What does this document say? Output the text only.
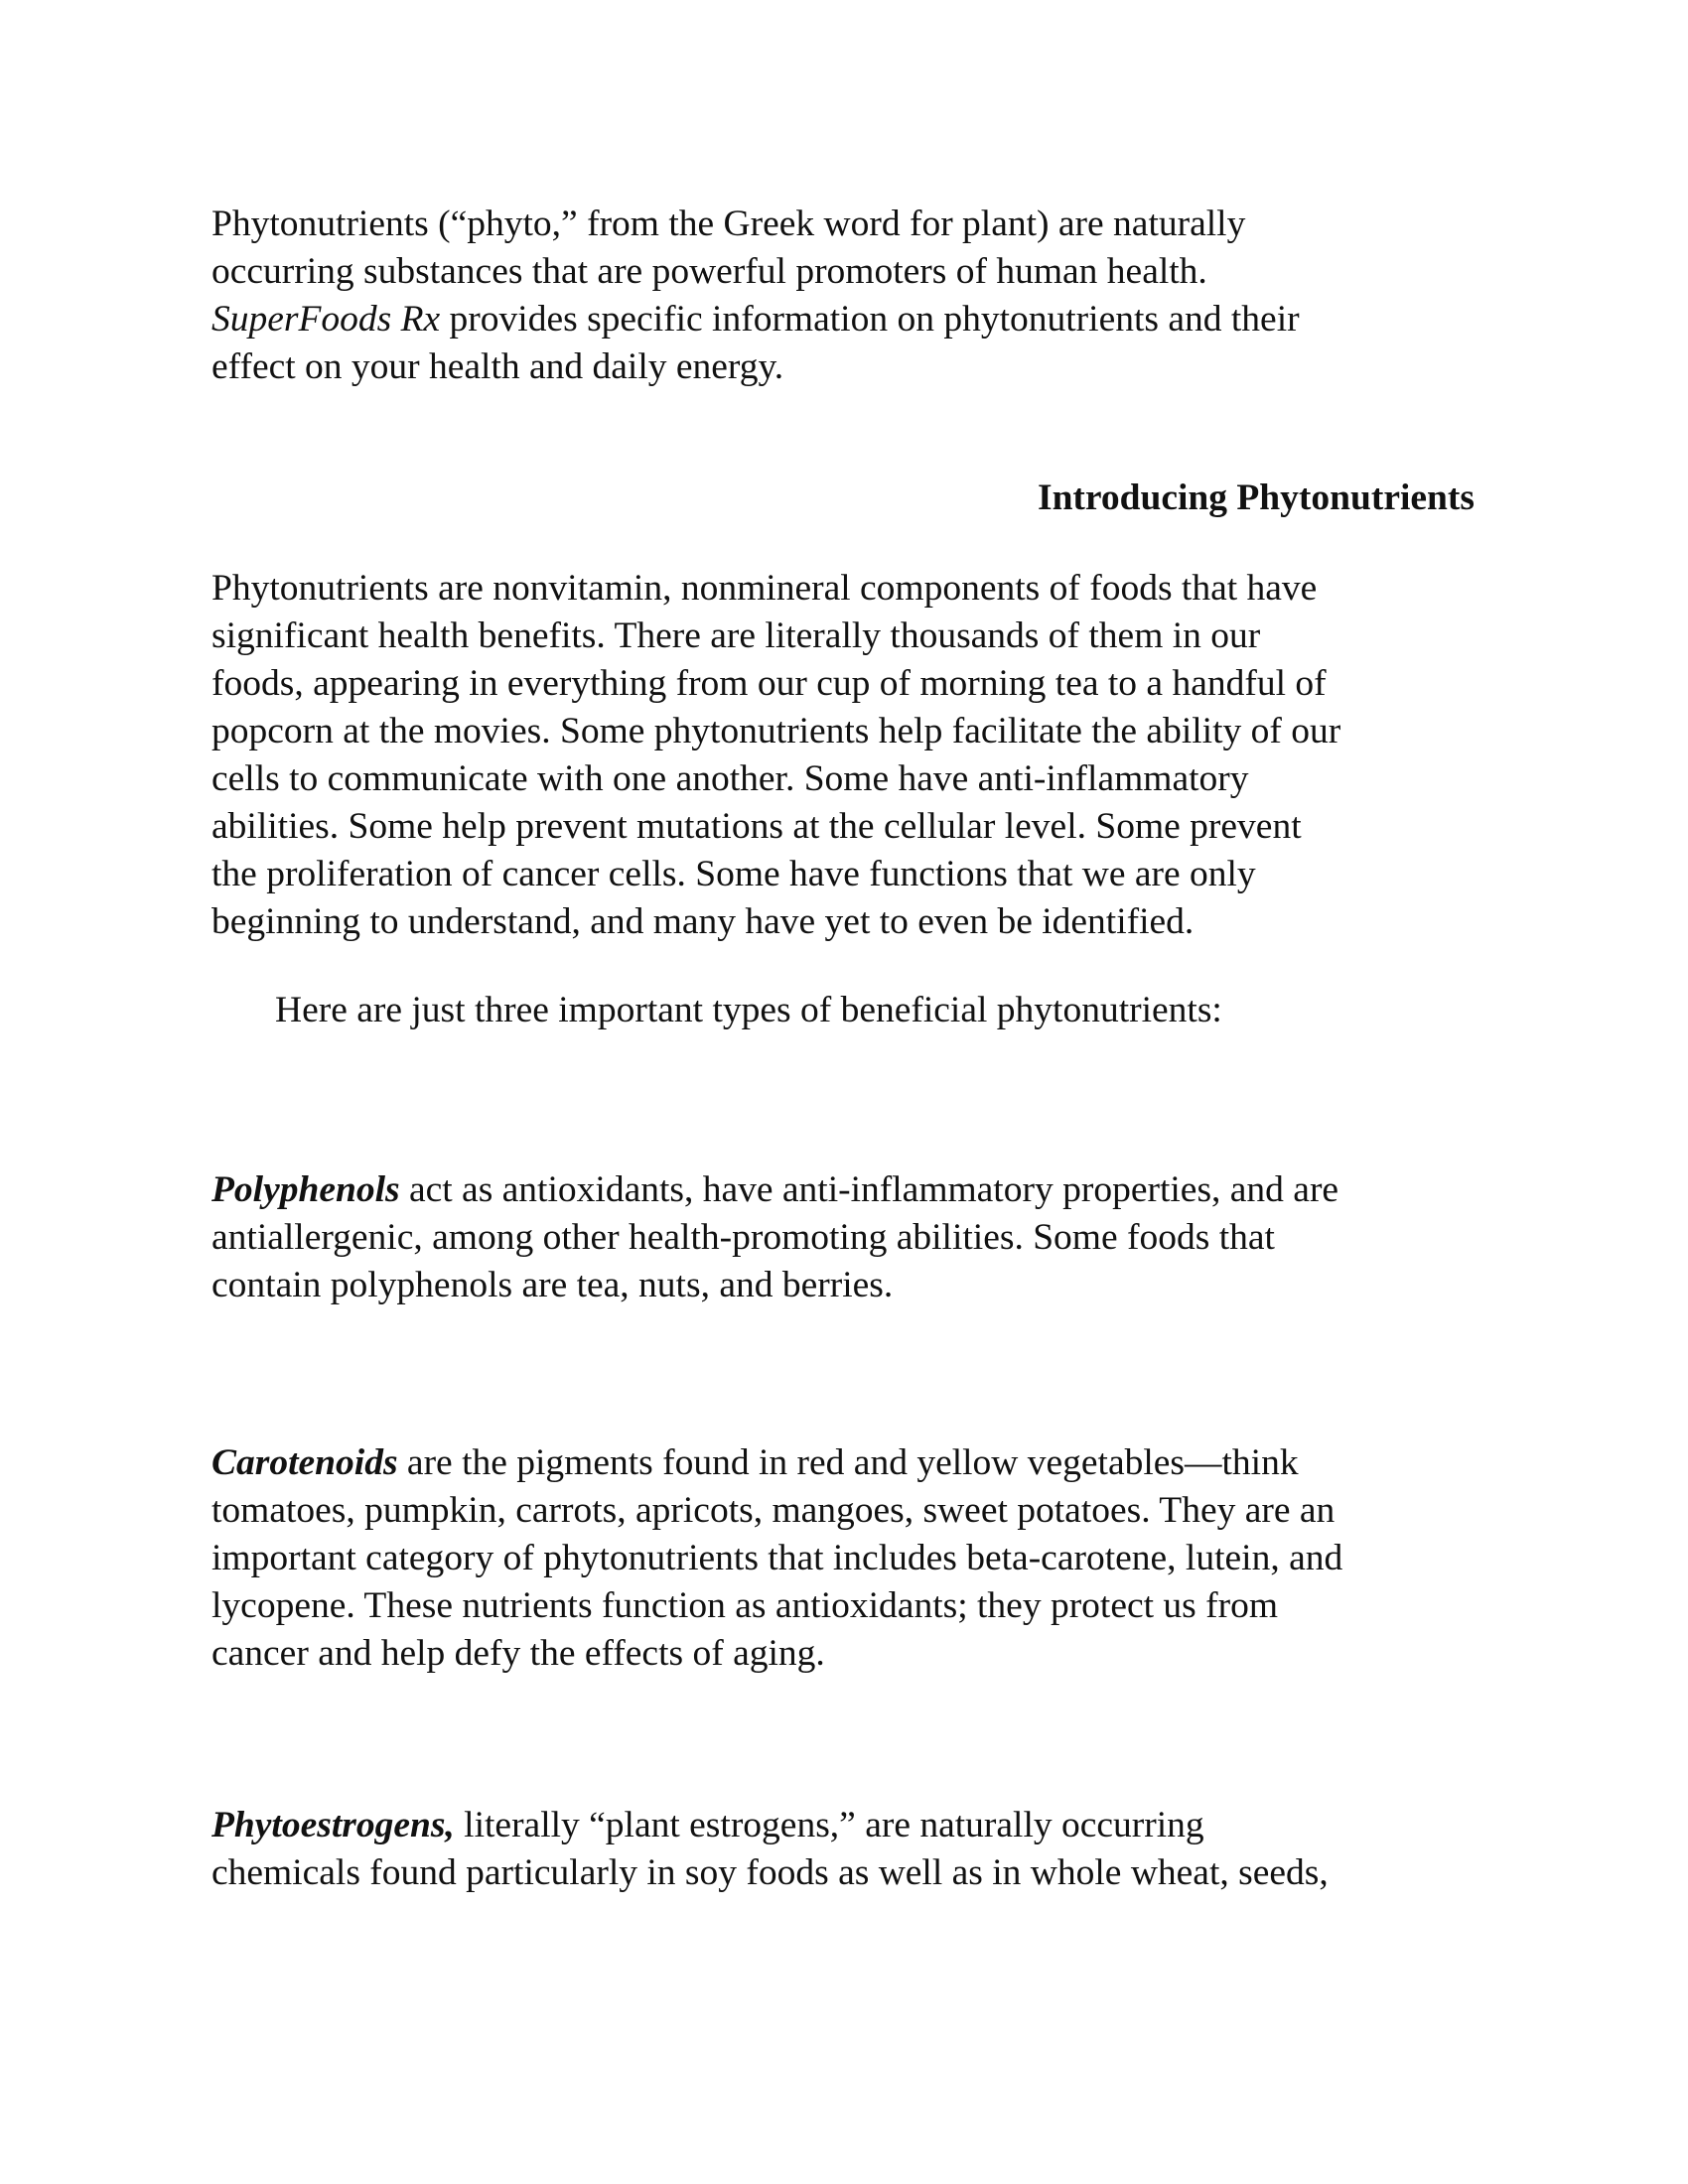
Phytonutrients (“phyto,” from the Greek word for plant) are naturally
occurring substances that are powerful promoters of human health.
SuperFoods Rx provides specific information on phytonutrients and their
effect on your health and daily energy.
Introducing Phytonutrients
Phytonutrients are nonvitamin, nonmineral components of foods that have
significant health benefits. There are literally thousands of them in our
foods, appearing in everything from our cup of morning tea to a handful of
popcorn at the movies. Some phytonutrients help facilitate the ability of our
cells to communicate with one another. Some have anti-inflammatory
abilities. Some help prevent mutations at the cellular level. Some prevent
the proliferation of cancer cells. Some have functions that we are only
beginning to understand, and many have yet to even be identified.
Here are just three important types of beneficial phytonutrients:
Polyphenols act as antioxidants, have anti-inflammatory properties, and are
antiallergenic, among other health-promoting abilities. Some foods that
contain polyphenols are tea, nuts, and berries.
Carotenoids are the pigments found in red and yellow vegetables—think
tomatoes, pumpkin, carrots, apricots, mangoes, sweet potatoes. They are an
important category of phytonutrients that includes beta-carotene, lutein, and
lycopene. These nutrients function as antioxidants; they protect us from
cancer and help defy the effects of aging.
Phytoestrogens, literally “plant estrogens,” are naturally occurring
chemicals found particularly in soy foods as well as in whole wheat, seeds,
